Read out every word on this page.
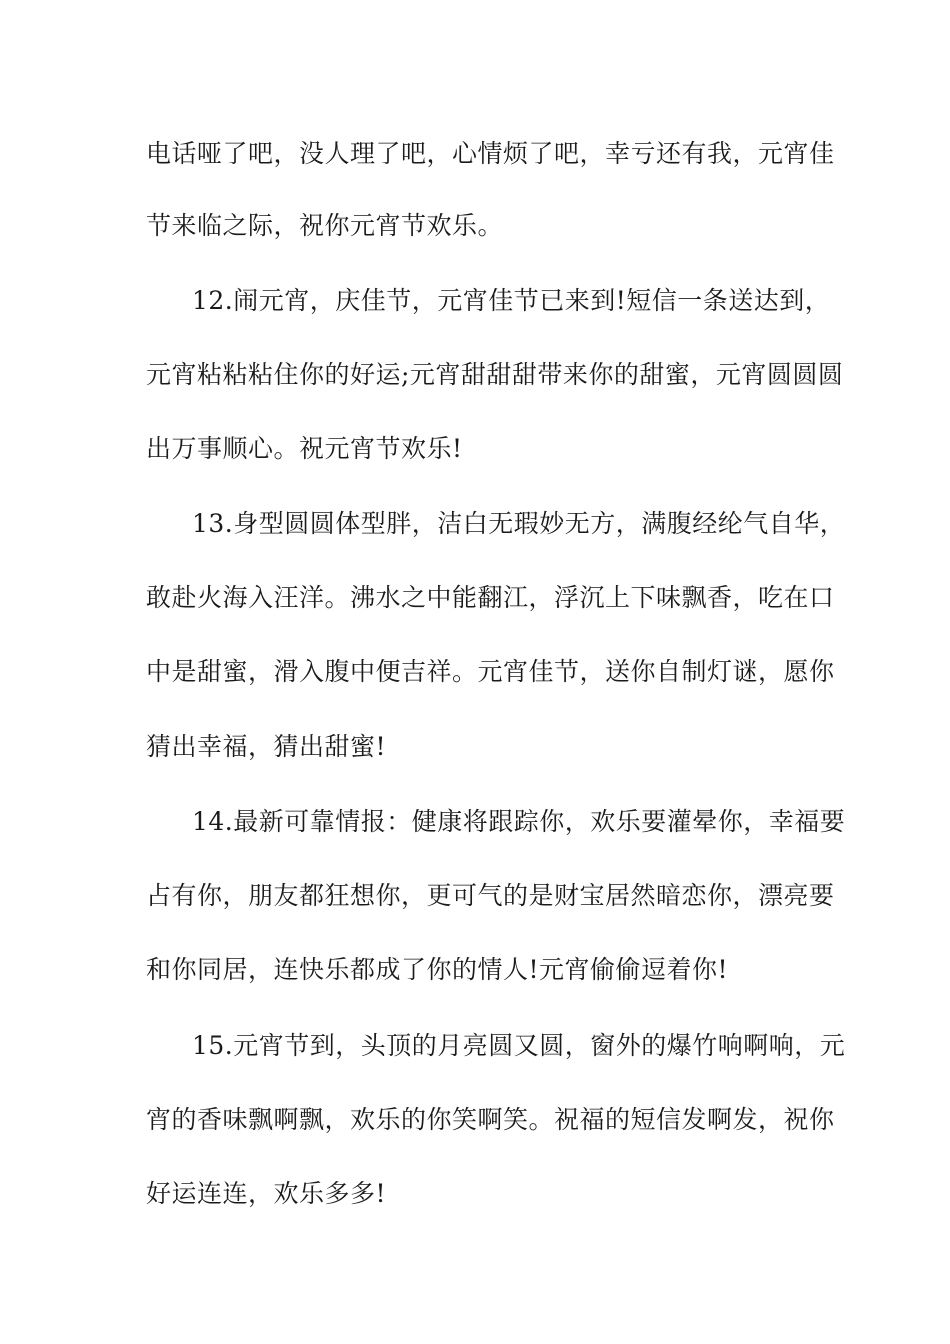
电话哑了吧，没人理了吧，心情烦了吧，幸亏还有我，元宵佳
节来临之际，祝你元宵节欢乐。
12.闹元宵，庆佳节，元宵佳节已来到!短信一条送达到，
元宵粘粘粘住你的好运;元宵甜甜甜带来你的甜蜜，元宵圆圆圆
出万事顺心。祝元宵节欢乐!
13.身型圆圆体型胖，洁白无瑕妙无方，满腹经纶气自华，
敢赴火海入汪洋。沸水之中能翻江，浮沉上下味飘香，吃在口
中是甜蜜，滑入腹中便吉祥。元宵佳节，送你自制灯谜，愿你
猜出幸福，猜出甜蜜!
14.最新可靠情报：健康将跟踪你，欢乐要灌晕你，幸福要
占有你，朋友都狂想你，更可气的是财宝居然暗恋你，漂亮要
和你同居，连快乐都成了你的情人!元宵偷偷逗着你!
15.元宵节到，头顶的月亮圆又圆，窗外的爆竹响啊响，元
宵的香味飘啊飘，欢乐的你笑啊笑。祝福的短信发啊发，祝你
好运连连，欢乐多多!
